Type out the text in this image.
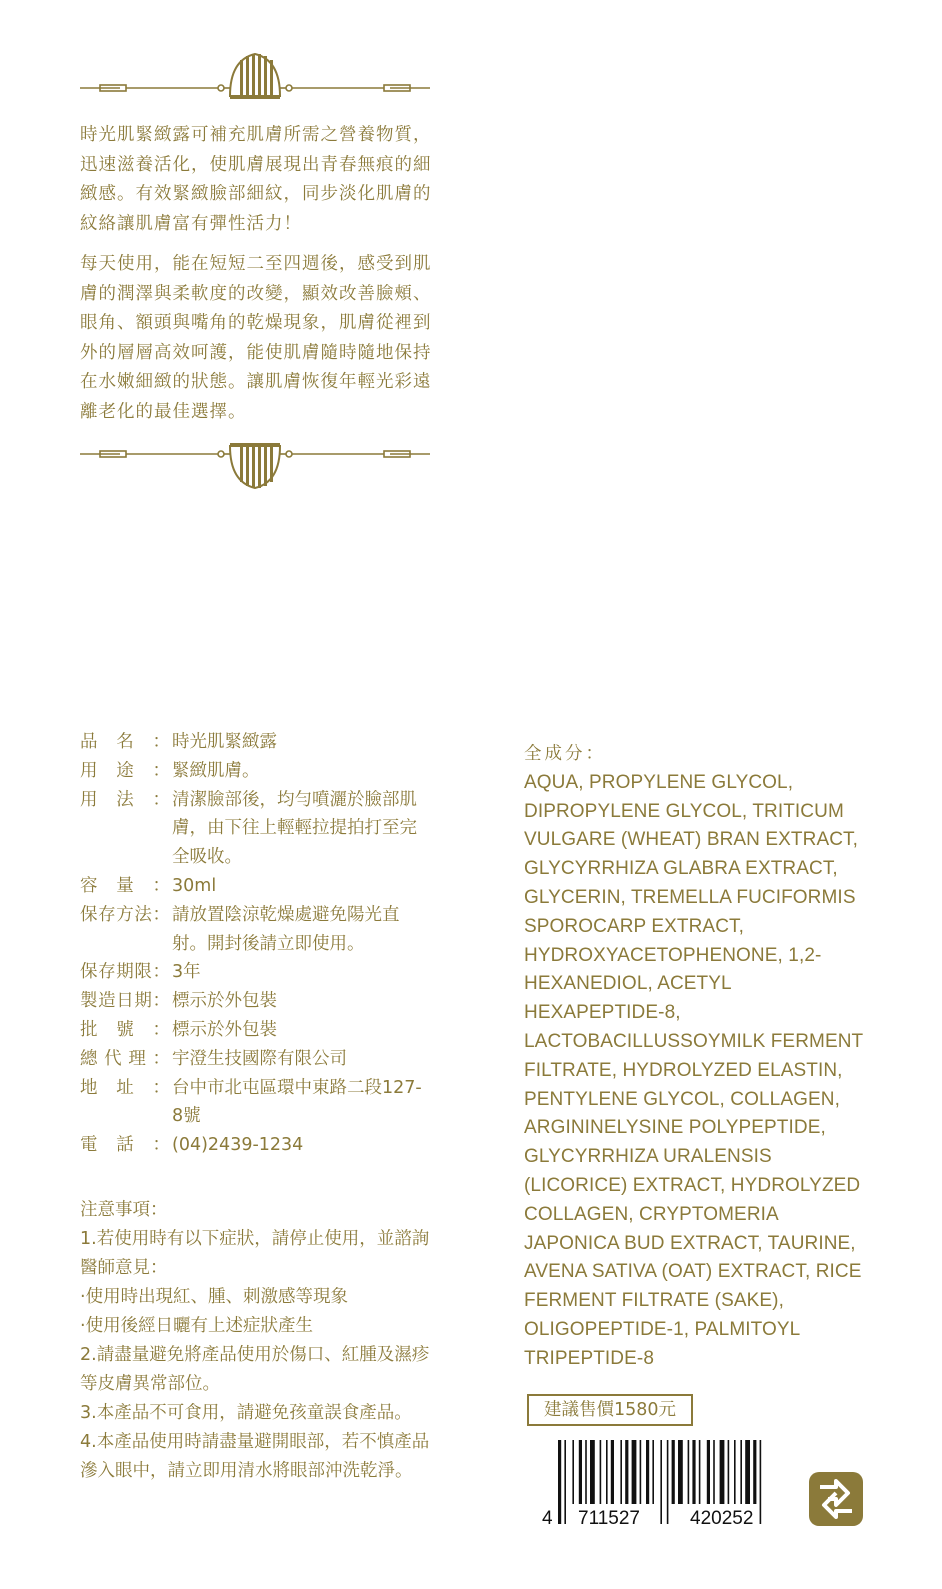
時光肌緊緻露可補充肌膚所需之營養物質，迅速滋養活化，使肌膚展現出青春無痕的細緻感。有效緊緻臉部細紋，同步淡化肌膚的紋絡讓肌膚富有彈性活力！

每天使用，能在短短二至四週後，感受到肌膚的潤澤與柔軟度的改變，顯效改善臉頰、眼角、額頭與嘴角的乾燥現象，肌膚從裡到外的層層高效呵護，能使肌膚隨時隨地保持在水嫩細緻的狀態。讓肌膚恢復年輕光彩遠離老化的最佳選擇。

品 名 ： 時光肌緊緻露
用 途 ： 緊緻肌膚。
用 法 ： 清潔臉部後，均勻噴灑於臉部肌膚，由下往上輕輕拉提拍打至完全吸收。
容 量 ： 30ml
保 存 方 法 ： 請放置陰涼乾燥處避免陽光直射。開封後請立即使用。
保 存 期 限 ： 3年
製 造 日 期 ： 標示於外包裝
批 號 ： 標示於外包裝
總 代 理 ： 宇澄生技國際有限公司
地 址 ： 台中市北屯區環中東路二段127-8號
電 話 ： (04)2439-1234

注意事項：

1.若使用時有以下症狀，請停止使用，並諮詢醫師意見：

·使用時出現紅、腫、刺激感等現象

·使用後經日曬有上述症狀產生

2.請盡量避免將產品使用於傷口、紅腫及濕疹等皮膚異常部位。

3.本產品不可食用，請避免孩童誤食產品。

4.本產品使用時請盡量避開眼部，若不慎產品滲入眼中，請立即用清水將眼部沖洗乾淨。

全成分：

AQUA, PROPYLENE GLYCOL, DIPROPYLENE GLYCOL, TRITICUM VULGARE (WHEAT) BRAN EXTRACT, GLYCYRRHIZA GLABRA EXTRACT, GLYCERIN, TREMELLA FUCIFORMIS SPOROCARP EXTRACT, HYDROXYACETOPHENONE, 1,2-HEXANEDIOL, ACETYL HEXAPEPTIDE-8, LACTOBACILLUSSOYMILK FERMENT FILTRATE, HYDROLYZED ELASTIN, PENTYLENE GLYCOL, COLLAGEN, ARGININELYSINE POLYPEPTIDE, GLYCYRRHIZA URALENSIS (LICORICE) EXTRACT, HYDROLYZED COLLAGEN, CRYPTOMERIA JAPONICA BUD EXTRACT, TAURINE, AVENA SATIVA (OAT) EXTRACT, RICE FERMENT FILTRATE (SAKE), OLIGOPEPTIDE-1, PALMITOYL TRIPEPTIDE-8

建議售價1580元
4 711527	420252
